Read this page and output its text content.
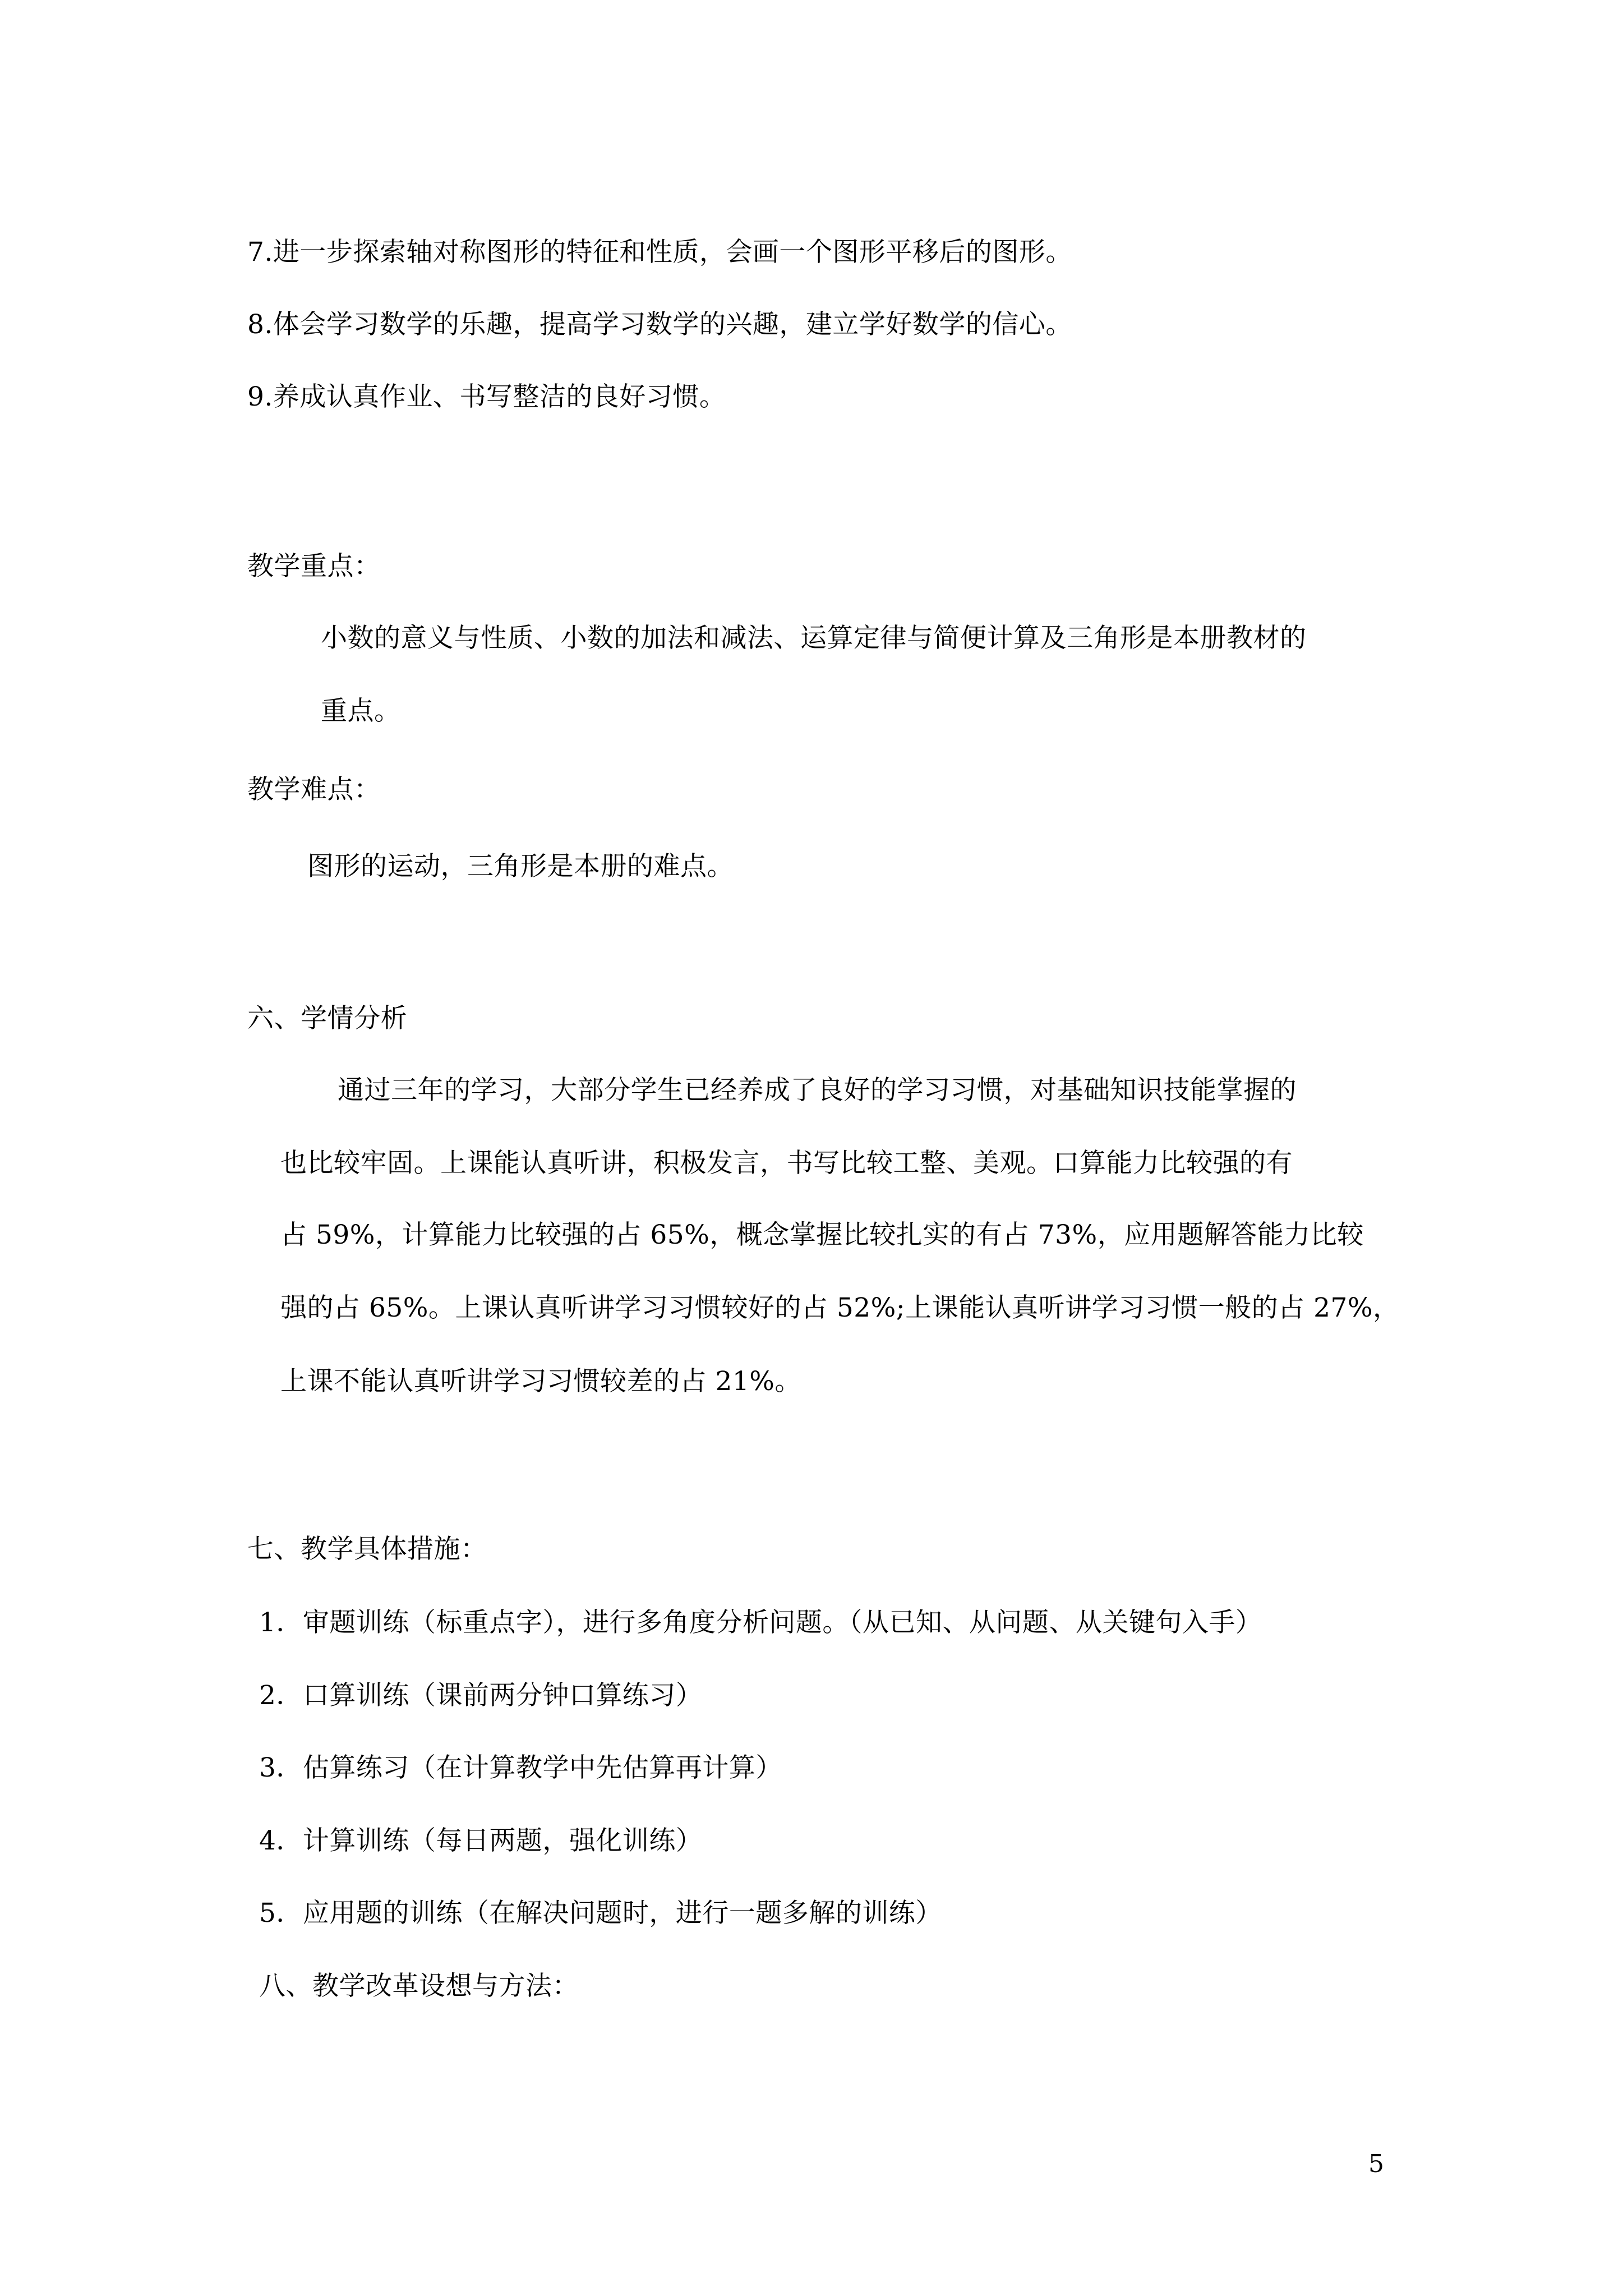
7.进一步探索轴对称图形的特征和性质，会画一个图形平移后的图形。
8.体会学习数学的乐趣，提高学习数学的兴趣，建立学好数学的信心。
9.养成认真作业、书写整洁的良好习惯。
教学重点：
小数的意义与性质、小数的加法和减法、运算定律与简便计算及三角形是本册教材的
重点。
教学难点：
图形的运动，三角形是本册的难点。
六、学情分析
通过三年的学习，大部分学生已经养成了良好的学习习惯，对基础知识技能掌握的
也比较牢固。上课能认真听讲，积极发言，书写比较工整、美观。口算能力比较强的有
占 59%，计算能力比较强的占 65%，概念掌握比较扎实的有占 73%，应用题解答能力比较
强的占 65%。上课认真听讲学习习惯较好的占 52%;上课能认真听讲学习习惯一般的占 27%，
上课不能认真听讲学习习惯较差的占 21%。
七、教学具体措施：
1．审题训练（标重点字），进行多角度分析问题。（从已知、从问题、从关键句入手）
2．口算训练（课前两分钟口算练习）
3．估算练习（在计算教学中先估算再计算）
4．计算训练（每日两题，强化训练）
5．应用题的训练（在解决问题时，进行一题多解的训练）
八、教学改革设想与方法：
5
